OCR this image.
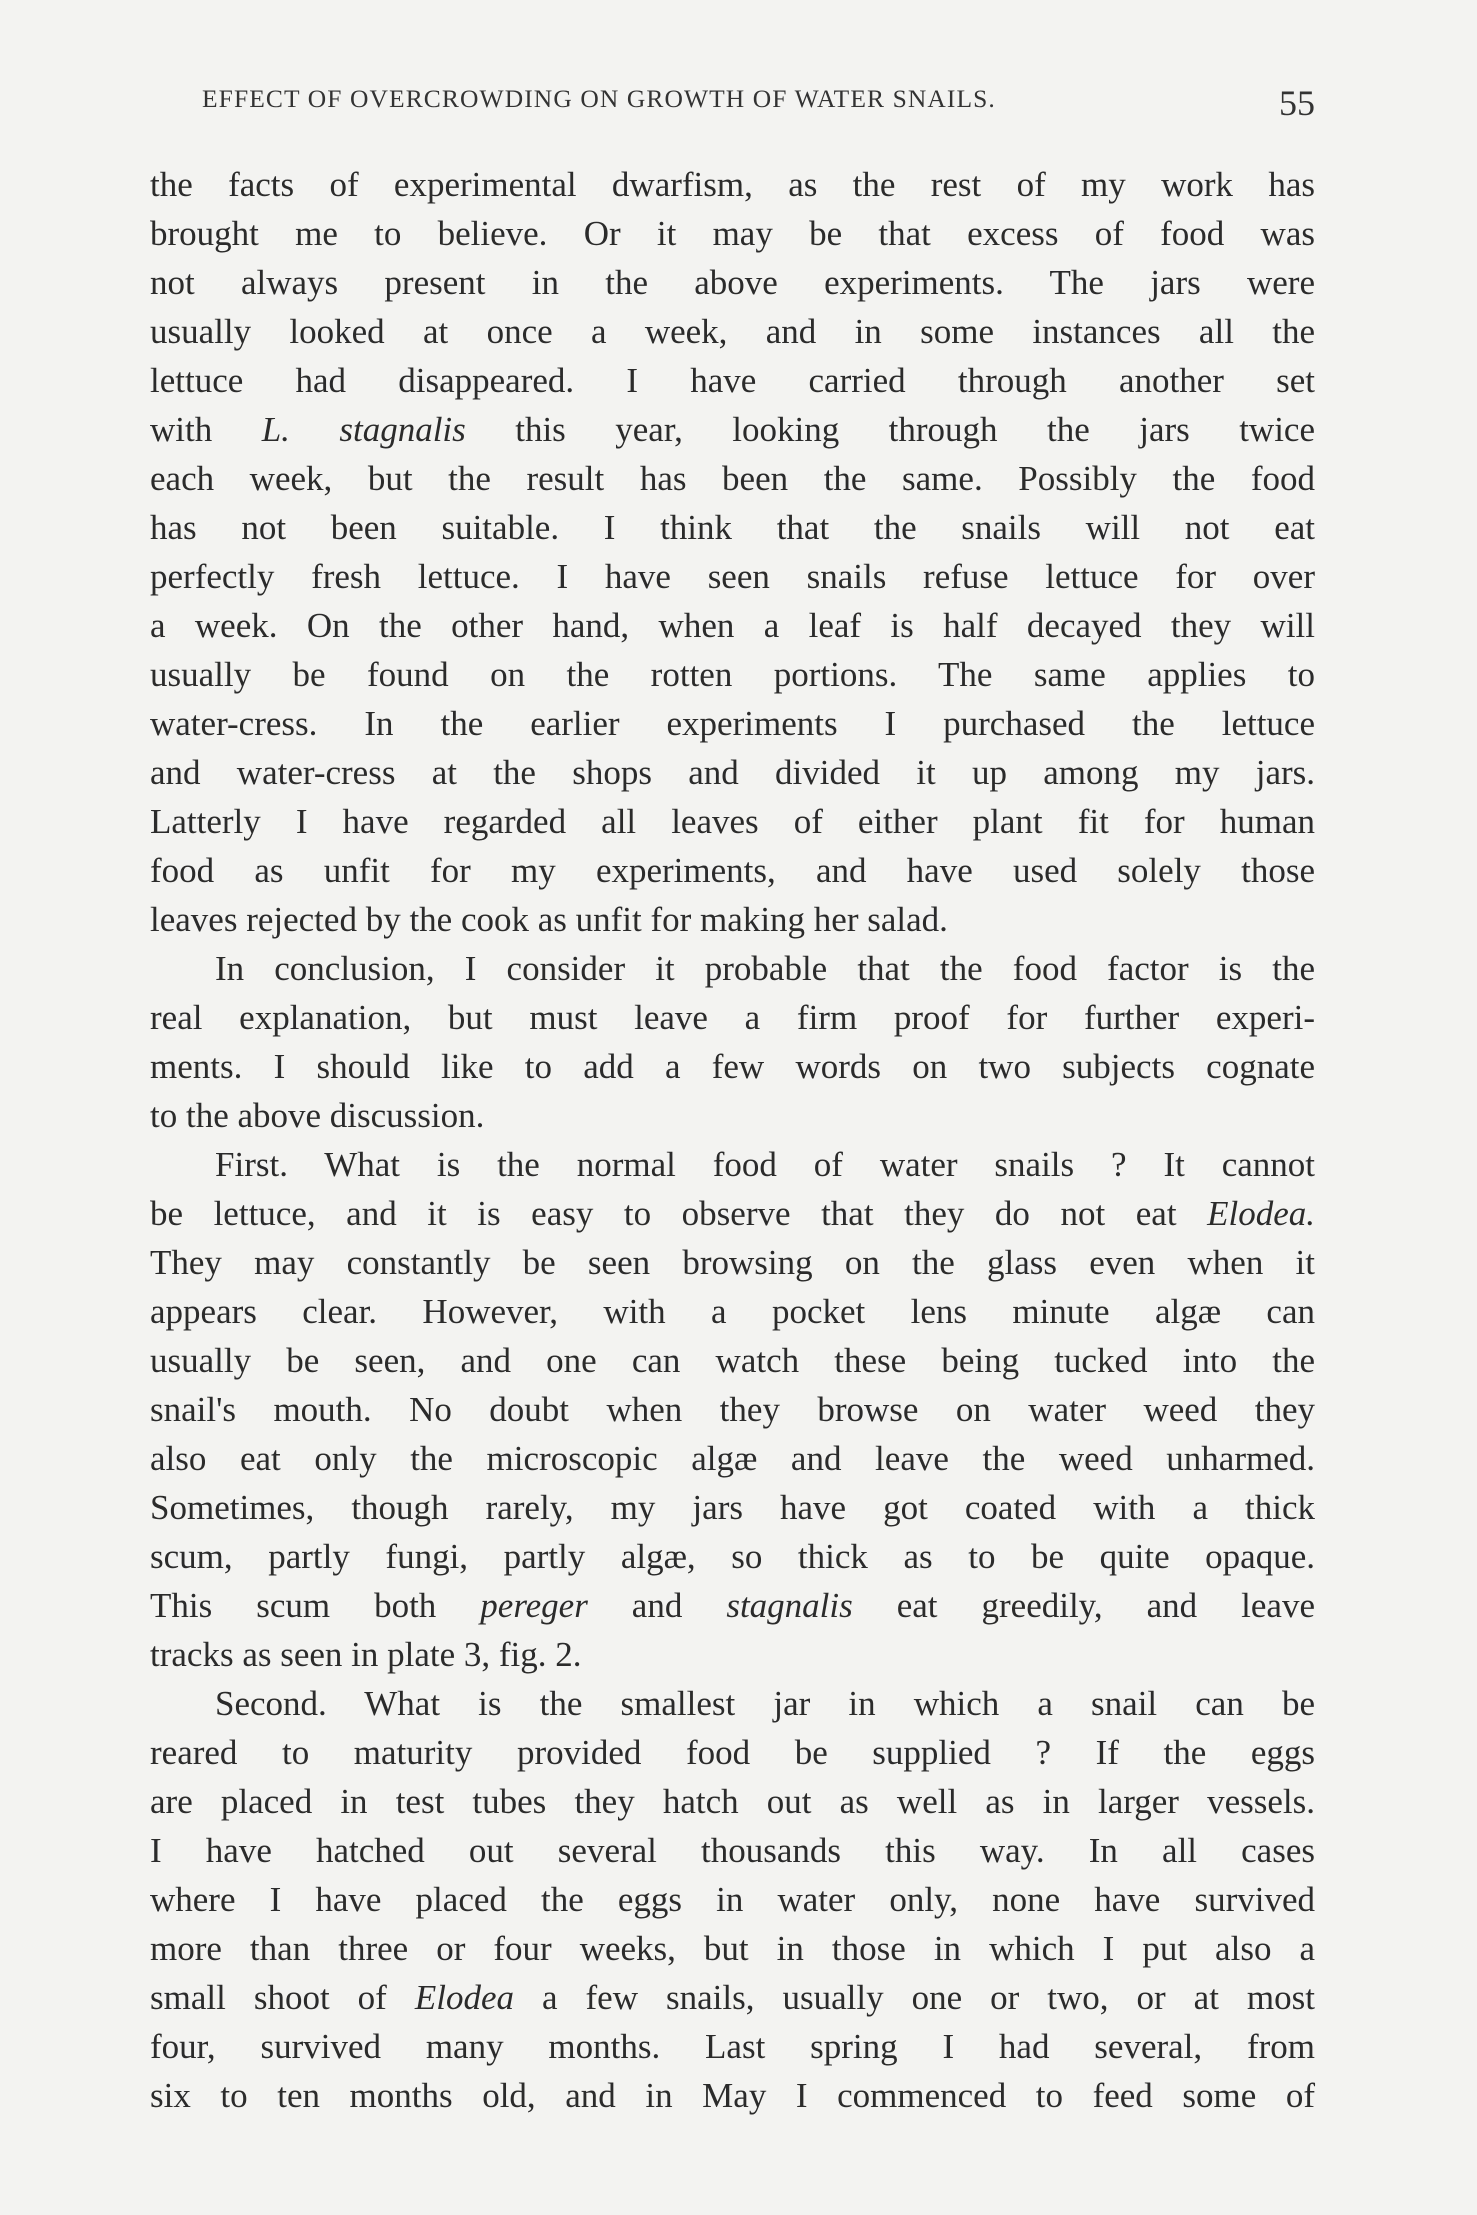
EFFECT OF OVERCROWDING ON GROWTH OF WATER SNAILS.	55
the facts of experimental dwarfism, as the rest of my work has
brought me to believe. Or it may be that excess of food was
not always present in the above experiments. The jars were
usually looked at once a week, and in some instances all the
lettuce had disappeared. I have carried through another set
with L. stagnalis this year, looking through the jars twice
each week, but the result has been the same. Possibly the food
has not been suitable. I think that the snails will not eat
perfectly fresh lettuce. I have seen snails refuse lettuce for over
a week. On the other hand, when a leaf is half decayed they will
usually be found on the rotten portions. The same applies to
water-cress. In the earlier experiments I purchased the lettuce
and water-cress at the shops and divided it up among my jars.
Latterly I have regarded all leaves of either plant fit for human
food as unfit for my experiments, and have used solely those
leaves rejected by the cook as unfit for making her salad.
In conclusion, I consider it probable that the food factor is the
real explanation, but must leave a firm proof for further experi-
ments. I should like to add a few words on two subjects cognate
to the above discussion.
First. What is the normal food of water snails ? It cannot
be lettuce, and it is easy to observe that they do not eat Elodea.
They may constantly be seen browsing on the glass even when it
appears clear. However, with a pocket lens minute algæ can
usually be seen, and one can watch these being tucked into the
snail's mouth. No doubt when they browse on water weed they
also eat only the microscopic algæ and leave the weed unharmed.
Sometimes, though rarely, my jars have got coated with a thick
scum, partly fungi, partly algæ, so thick as to be quite opaque.
This scum both pereger and stagnalis eat greedily, and leave
tracks as seen in plate 3, fig. 2.
Second. What is the smallest jar in which a snail can be
reared to maturity provided food be supplied ? If the eggs
are placed in test tubes they hatch out as well as in larger vessels.
I have hatched out several thousands this way. In all cases
where I have placed the eggs in water only, none have survived
more than three or four weeks, but in those in which I put also a
small shoot of Elodea a few snails, usually one or two, or at most
four, survived many months. Last spring I had several, from
six to ten months old, and in May I commenced to feed some of
